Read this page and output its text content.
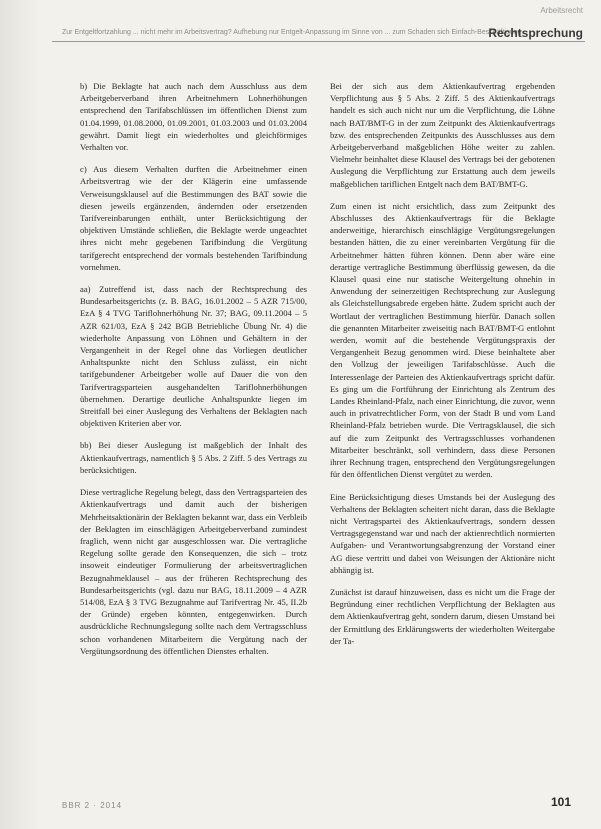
Arbeitsrecht
Zur Entgeltfortzahlung ... nicht mehr im Arbeitsvertrag? Aufhebung nur Entgelt-Anpassung im Sinne von ... zum Schaden sich Einfach-Beschäftigung
Rechtsprechung

b) Die Beklagte hat auch nach dem Ausschluss aus dem Arbeitgeberverband ihren Arbeitnehmern Lohnerhöhungen entsprechend den Tarifabschlüssen im öffentlichen Dienst zum 01.04.1999, 01.08.2000, 01.09.2001, 01.03.2003 und 01.03.2004 gewährt. Damit liegt ein wiederholtes und gleichförmiges Verhalten vor.

c) Aus diesem Verhalten durften die Arbeitnehmer einen Arbeitsvertrag wie der der Klägerin eine umfassende Verweisungsklausel auf die Bestimmungen des BAT sowie die diesen jeweils ergänzenden, ändernden oder ersetzenden Tarifvereinbarungen enthält, unter Berücksichtigung der objektiven Umstände schließen, die Beklagte werde ungeachtet ihres nicht mehr gegebenen Tarifbindung die Vergütung tarifgerecht entsprechend der vormals bestehenden Tarifbindung vornehmen.

aa) Zutreffend ist, dass nach der Rechtsprechung des Bundesarbeitsgerichts (z. B. BAG, 16.01.2002 – 5 AZR 715/00, EzA § 4 TVG Tariflohnerhöhung Nr. 37; BAG, 09.11.2004 – 5 AZR 621/03, EzA § 242 BGB Betriebliche Übung Nr. 4) die wiederholte Anpassung von Löhnen und Gehältern in der Vergangenheit in der Regel ohne das Vorliegen deutlicher Anhaltspunkte nicht den Schluss zulässt, ein nicht tarifgebundener Arbeitgeber wolle auf Dauer die von den Tarifvertragsparteien ausgehandelten Tariflohnerhöhungen übernehmen. Derartige deutliche Anhaltspunkte liegen im Streitfall bei einer Auslegung des Verhaltens der Beklagten nach objektiven Kriterien aber vor.

bb) Bei dieser Auslegung ist maßgeblich der Inhalt des Aktienkaufvertrags, namentlich § 5 Abs. 2 Ziff. 5 des Vertrags zu berücksichtigen.

Diese vertragliche Regelung belegt, dass den Vertragsparteien des Aktienkaufvertrags und damit auch der bisherigen Mehrheitsaktionärin der Beklagten bekannt war, dass ein Verbleib der Beklagten im einschlägigen Arbeitgeberverband zumindest fraglich, wenn nicht gar ausgeschlossen war. Die vertragliche Regelung sollte gerade den Konsequenzen, die sich – trotz insoweit eindeutiger Formulierung der arbeitsvertraglichen Bezugnahmeklausel – aus der früheren Rechtsprechung des Bundesarbeitsgerichts (vgl. dazu nur BAG, 18.11.2009 – 4 AZR 514/08, EzA § 3 TVG Bezugnahme auf Tarifvertrag Nr. 45, II.2b der Gründe) ergeben könnten, entgegenwirken. Durch ausdrückliche Rechnungslegung sollte nach dem Vertragsschluss schon vorhandenen Mitarbeitern die Vergütung nach der Vergütungsordnung des öffentlichen Dienstes erhalten.

Bei der sich aus dem Aktienkaufvertrag ergebenden Verpflichtung aus § 5 Abs. 2 Ziff. 5 des Aktienkaufvertrags handelt es sich auch nicht nur um die Verpflichtung, die Löhne nach BAT/BMT-G in der zum Zeitpunkt des Aktienkaufvertrags bzw. des entsprechenden Zeitpunkts des Ausschlusses aus dem Arbeitgeberverband maßgeblichen Höhe weiter zu zahlen. Vielmehr beinhaltet diese Klausel des Vertrags bei der gebotenen Auslegung die Verpflichtung zur Erstattung auch dem jeweils maßgeblichen tariflichen Entgelt nach dem BAT/BMT-G.

Zum einen ist nicht ersichtlich, dass zum Zeitpunkt des Abschlusses des Aktienkaufvertrags für die Beklagte anderweitige, hierarchisch einschlägige Vergütungsregelungen bestanden hätten, die zu einer vereinbarten Vergütung für die Arbeitnehmer hätten führen können. Denn aber wäre eine derartige vertragliche Bestimmung überflüssig gewesen, da die Klausel quasi eine nur statische Weitergeltung ohnehin in Anwendung der seinerzeitigen Rechtsprechung zur Auslegung als Gleichstellungsabrede ergeben hätte. Zudem spricht auch der Wortlaut der vertraglichen Bestimmung hierfür. Danach sollen die genannten Mitarbeiter zweiseitig nach BAT/BMT-G entlohnt werden, womit auf die bestehende Vergütungspraxis der Vergangenheit Bezug genommen wird. Diese beinhaltete aber den Vollzug der jeweiligen Tarifabschlüsse. Auch die Interessenlage der Parteien des Aktienkaufvertrags spricht dafür. Es ging um die Fortführung der Einrichtung als Zentrum des Landes Rheinland-Pfalz, nach einer Einrichtung, die zuvor, wenn auch in privatrechtlicher Form, von der Stadt B und vom Land Rheinland-Pfalz betrieben wurde. Die Vertragsklausel, die sich auf die zum Zeitpunkt des Vertragsschlusses vorhandenen Mitarbeiter beschränkt, soll verhindern, dass diese Personen ihrer Rechnung tragen, entsprechend den Vergütungsregelungen für den öffentlichen Dienst vergütet zu werden.

Eine Berücksichtigung dieses Umstands bei der Auslegung des Verhaltens der Beklagten scheitert nicht daran, dass die Beklagte nicht Vertragspartei des Aktienkaufvertrags, sondern dessen Vertragsgegenstand war und nach der aktienrechtlich normierten Aufgaben- und Verantwortungsabgrenzung der Vorstand einer AG diese vertritt und dabei von Weisungen der Aktionäre nicht abhängig ist.

Zunächst ist darauf hinzuweisen, dass es nicht um die Frage der Begründung einer rechtlichen Verpflichtung der Beklagten aus dem Aktienkaufvertrag geht, sondern darum, diesen Umstand bei der Ermittlung des Erklärungswerts der wiederholten Weitergabe der Ta-

BBR 2 · 2014	101
